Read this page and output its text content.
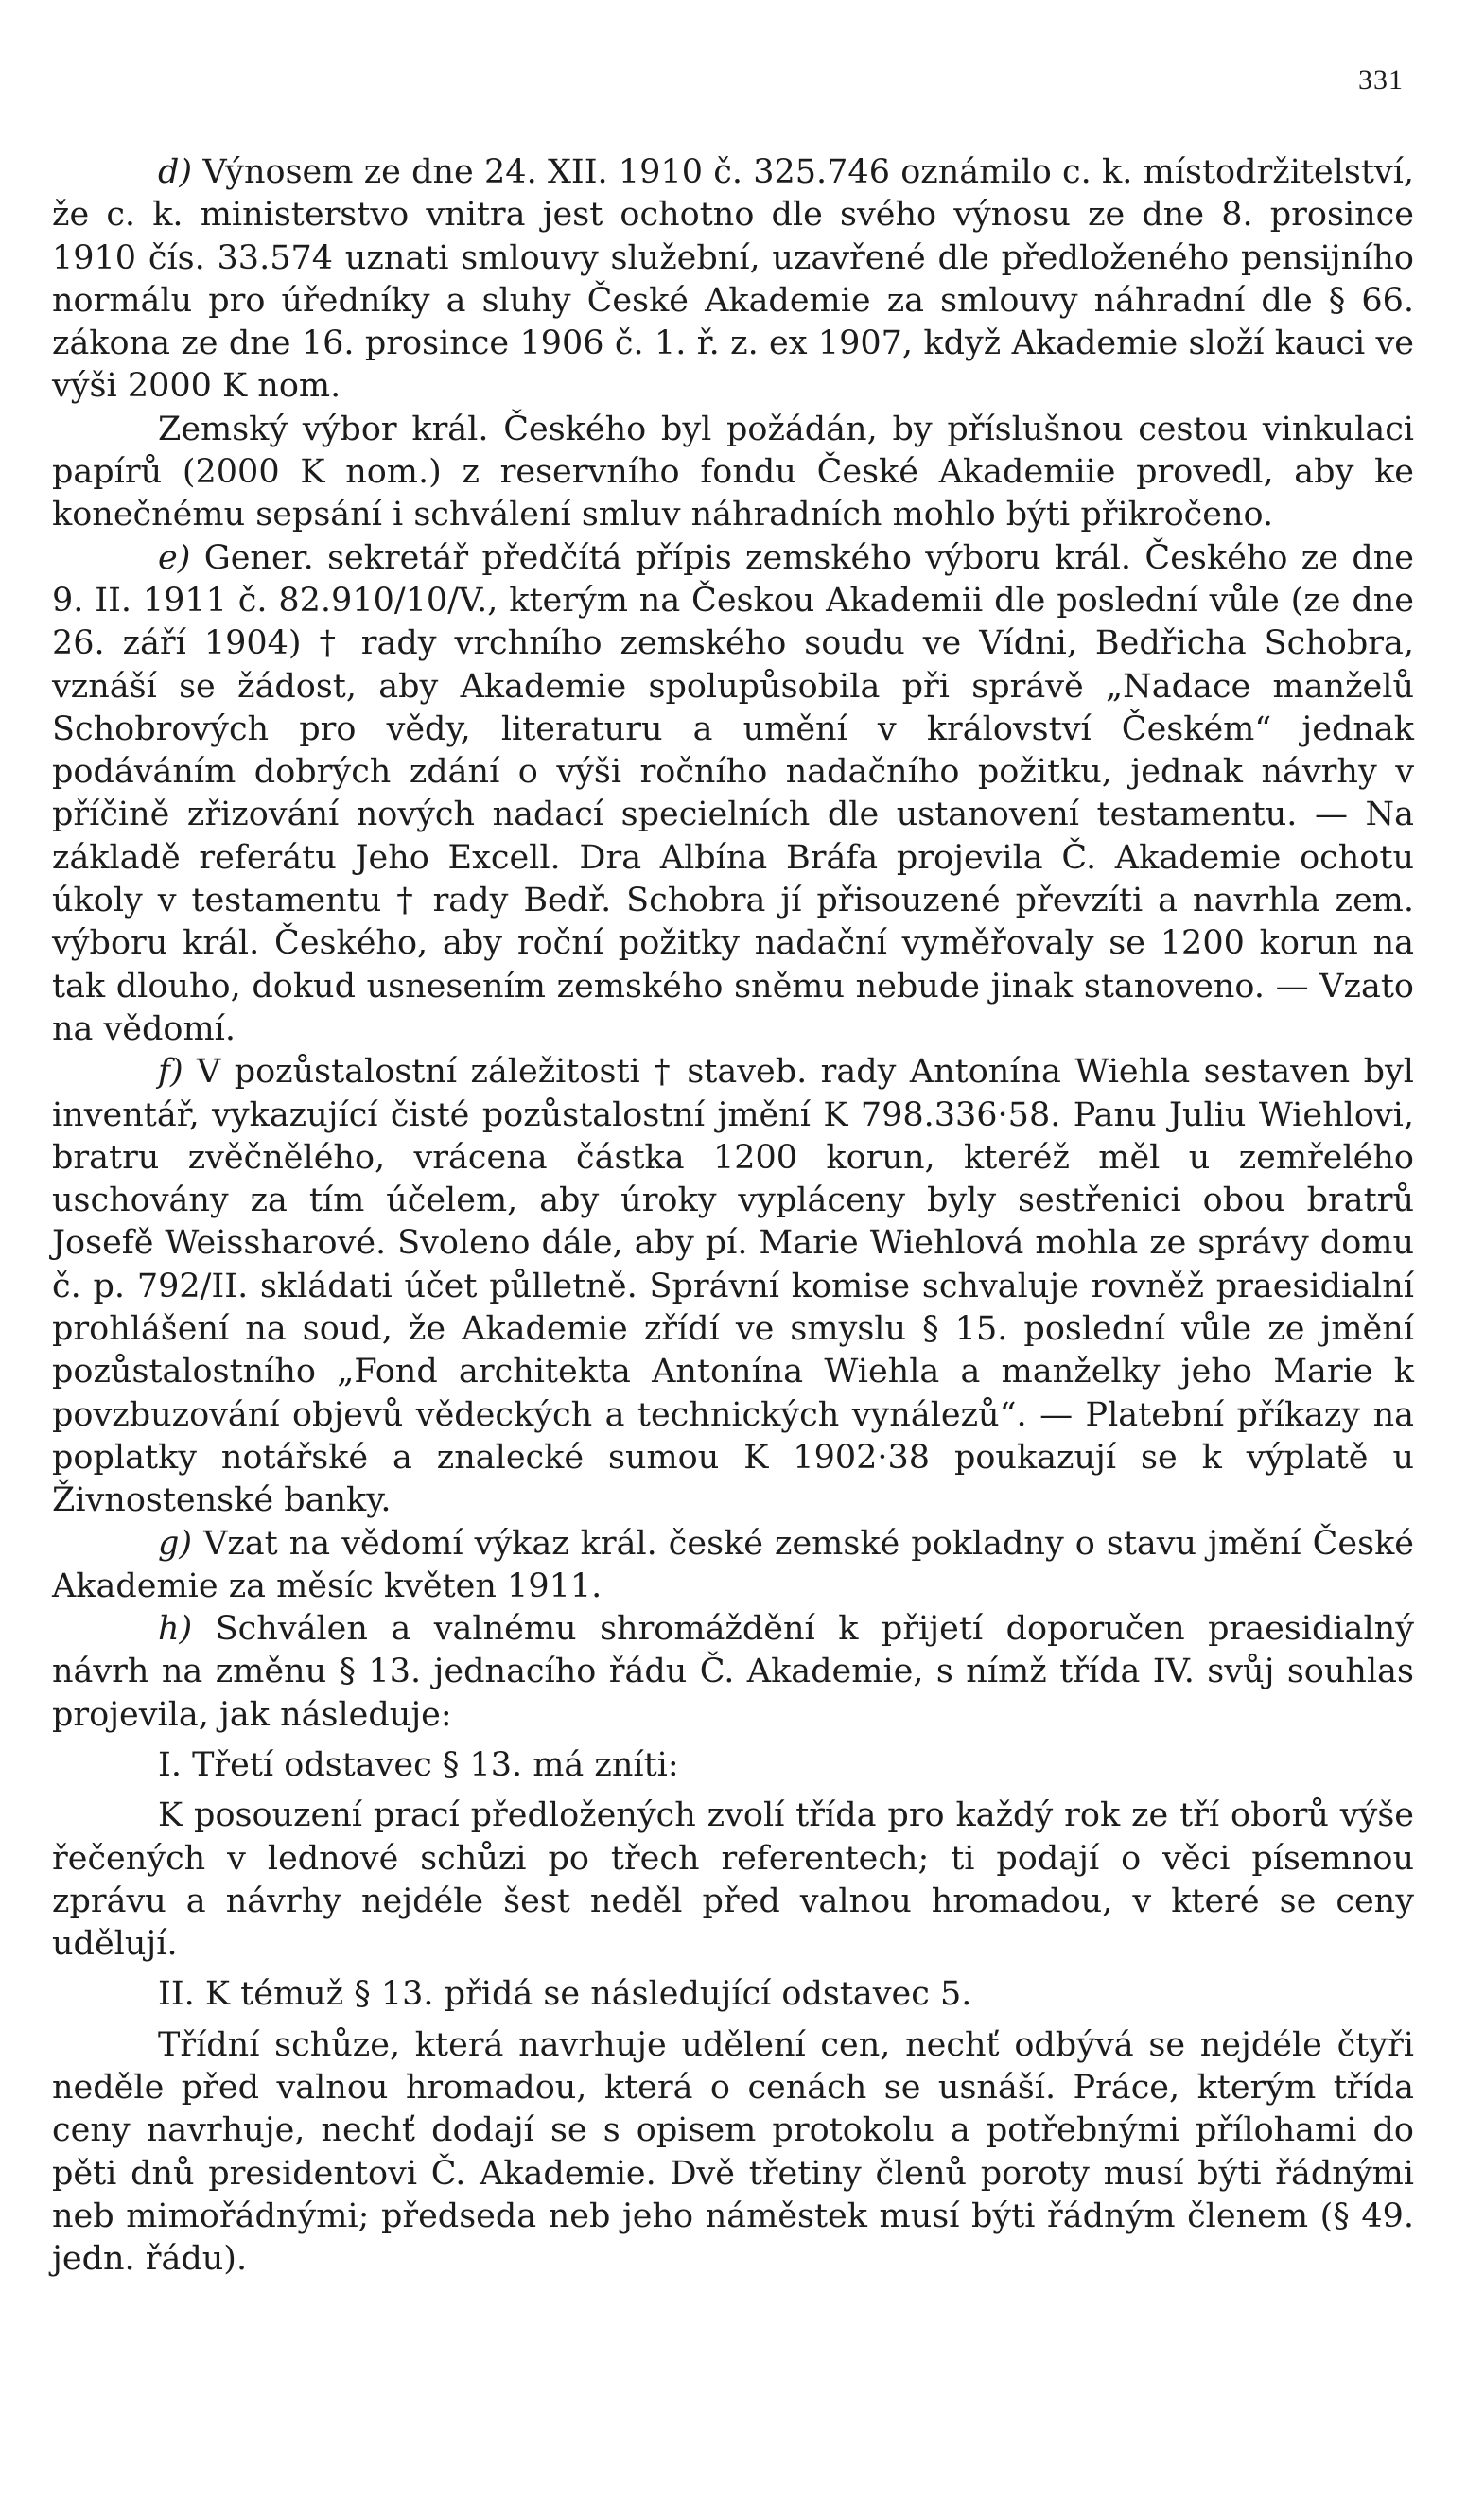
331

d) Výnosem ze dne 24. XII. 1910 č. 325.746 oznámilo c. k. místodržitelství, že c. k. ministerstvo vnitra jest ochotno dle svého výnosu ze dne 8. prosince 1910 čís. 33.574 uznati smlouvy služební, uzavřené dle předloženého pensijního normálu pro úředníky a sluhy České Akademie za smlouvy náhradní dle § 66. zákona ze dne 16. prosince 1906 č. 1. ř. z. ex 1907, když Akademie složí kauci ve výši 2000 K nom.

Zemský výbor král. Českého byl požádán, by příslušnou cestou vinkulaci papírů (2000 K nom.) z reservního fondu České Akademiie provedl, aby ke konečnému sepsání i schválení smluv náhradních mohlo býti přikročeno.

e) Gener. sekretář předčítá přípis zemského výboru král. Českého ze dne 9. II. 1911 č. 82.910/10/V., kterým na Českou Akademii dle poslední vůle (ze dne 26. září 1904) † rady vrchního zemského soudu ve Vídni, Bedřicha Schobra, vznáší se žádost, aby Akademie spolupůsobila při správě „Nadace manželů Schobrových pro vědy, literaturu a umění v království Českém“ jednak podáváním dobrých zdání o výši ročního nadačního požitku, jednak návrhy v příčině zřizování nových nadací specielních dle ustanovení testamentu. — Na základě referátu Jeho Excell. Dra Albína Bráfa projevila Č. Akademie ochotu úkoly v testamentu † rady Bedř. Schobra jí přisouzené převzíti a navrhla zem. výboru král. Českého, aby roční požitky nadační vyměřovaly se 1200 korun na tak dlouho, dokud usnesením zemského sněmu nebude jinak stanoveno. — Vzato na vědomí.

f) V pozůstalostní záležitosti † staveb. rady Antonína Wiehla sestaven byl inventář, vykazující čisté pozůstalostní jmění K 798.336·58. Panu Juliu Wiehlovi, bratru zvěčnělého, vrácena částka 1200 korun, kteréž měl u zemřelého uschovány za tím účelem, aby úroky vypláceny byly sestřenici obou bratrů Josefě Weissharové. Svoleno dále, aby pí. Marie Wiehlová mohla ze správy domu č. p. 792/II. skládati účet půlletně. Správní komise schvaluje rovněž praesidialní prohlášení na soud, že Akademie zřídí ve smyslu § 15. poslední vůle ze jmění pozůstalostního „Fond architekta Antonína Wiehla a manželky jeho Marie k povzbuzování objevů vědeckých a technických vynálezů“. — Platební příkazy na poplatky notářské a znalecké sumou K 1902·38 poukazují se k výplatě u Živnostenské banky.

g) Vzat na vědomí výkaz král. české zemské pokladny o stavu jmění České Akademie za měsíc květen 1911.

h) Schválen a valnému shromáždění k přijetí doporučen praesidialný návrh na změnu § 13. jednacího řádu Č. Akademie, s nímž třída IV. svůj souhlas projevila, jak následuje:

I. Třetí odstavec § 13. má zníti:

K posouzení prací předložených zvolí třída pro každý rok ze tří oborů výše řečených v lednové schůzi po třech referentech; ti podají o věci písemnou zprávu a návrhy nejdéle šest neděl před valnou hromadou, v které se ceny udělují.

II. K témuž § 13. přidá se následující odstavec 5.

Třídní schůze, která navrhuje udělení cen, nechť odbývá se nejdéle čtyři neděle před valnou hromadou, která o cenách se usnáší. Práce, kterým třída ceny navrhuje, nechť dodají se s opisem protokolu a potřebnými přílohami do pěti dnů presidentovi Č. Akademie. Dvě třetiny členů poroty musí býti řádnými neb mimořádnými; předseda neb jeho náměstek musí býti řádným členem (§ 49. jedn. řádu).
